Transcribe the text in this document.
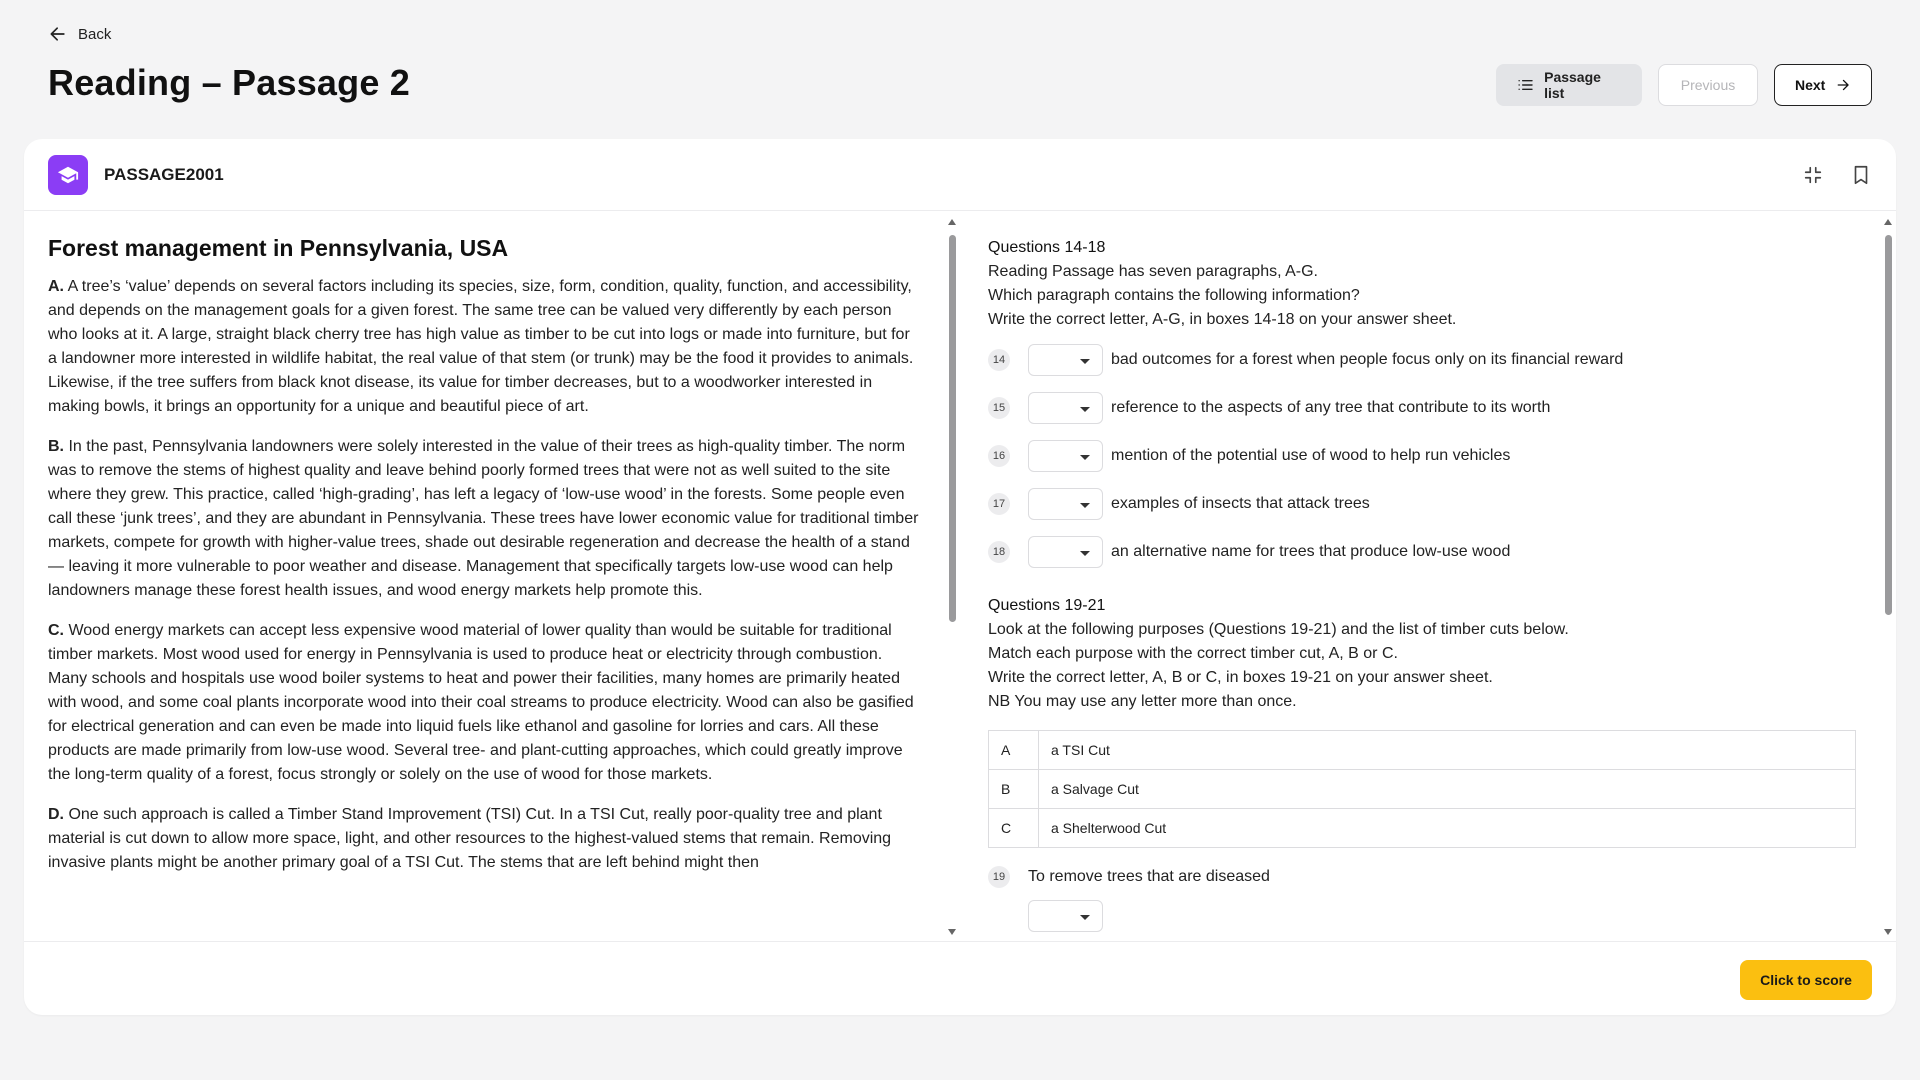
Back
Reading – Passage 2	Passage list	Previous	Next
PASSAGE2001
Forest management in Pennsylvania, USA

A. A tree’s ‘value’ depends on several factors including its species, size, form, condition, quality, function, and accessibility, and depends on the management goals for a given forest. The same tree can be valued very differently by each person who looks at it. A large, straight black cherry tree has high value as timber to be cut into logs or made into furniture, but for a landowner more interested in wildlife habitat, the real value of that stem (or trunk) may be the food it provides to animals. Likewise, if the tree suffers from black knot disease, its value for timber decreases, but to a woodworker interested in making bowls, it brings an opportunity for a unique and beautiful piece of art.

B. In the past, Pennsylvania landowners were solely interested in the value of their trees as high-quality timber. The norm was to remove the stems of highest quality and leave behind poorly formed trees that were not as well suited to the site where they grew. This practice, called ‘high-grading’, has left a legacy of ‘low-use wood’ in the forests. Some people even call these ‘junk trees’, and they are abundant in Pennsylvania. These trees have lower economic value for traditional timber markets, compete for growth with higher-value trees, shade out desirable regeneration and decrease the health of a stand — leaving it more vulnerable to poor weather and disease. Management that specifically targets low-use wood can help landowners manage these forest health issues, and wood energy markets help promote this.

C. Wood energy markets can accept less expensive wood material of lower quality than would be suitable for traditional timber markets. Most wood used for energy in Pennsylvania is used to produce heat or electricity through combustion. Many schools and hospitals use wood boiler systems to heat and power their facilities, many homes are primarily heated with wood, and some coal plants incorporate wood into their coal streams to produce electricity. Wood can also be gasified for electrical generation and can even be made into liquid fuels like ethanol and gasoline for lorries and cars. All these products are made primarily from low-use wood. Several tree- and plant-cutting approaches, which could greatly improve the long-term quality of a forest, focus strongly or solely on the use of wood for those markets.

D. One such approach is called a Timber Stand Improvement (TSI) Cut. In a TSI Cut, really poor-quality tree and plant material is cut down to allow more space, light, and other resources to the highest-valued stems that remain. Removing invasive plants might be another primary goal of a TSI Cut. The stems that are left behind might then

Questions 14-18
Reading Passage has seven paragraphs, A-G.
Which paragraph contains the following information?
Write the correct letter, A-G, in boxes 14-18 on your answer sheet.
14	bad outcomes for a forest when people focus only on its financial reward
15	reference to the aspects of any tree that contribute to its worth
16	mention of the potential use of wood to help run vehicles
17	examples of insects that attack trees
18	an alternative name for trees that produce low-use wood
Questions 19-21
Look at the following purposes (Questions 19-21) and the list of timber cuts below.
Match each purpose with the correct timber cut, A, B or C.
Write the correct letter, A, B or C, in boxes 19-21 on your answer sheet.
NB You may use any letter more than once.
A	a TSI Cut
B	a Salvage Cut
C	a Shelterwood Cut
19	To remove trees that are diseased
Click to score
